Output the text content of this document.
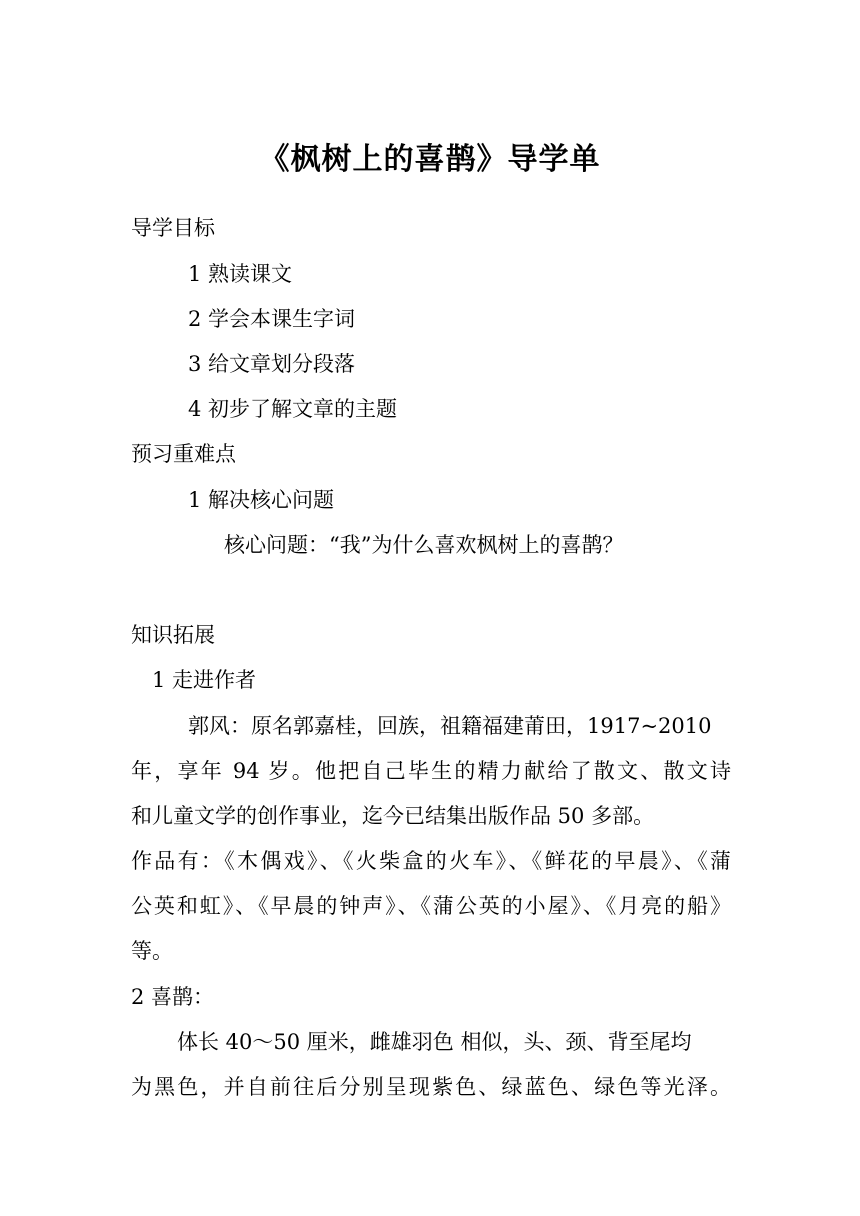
《枫树上的喜鹊》导学单
导学目标
1 熟读课文
2 学会本课生字词
3 给文章划分段落
4 初步了解文章的主题
预习重难点
1 解决核心问题
核心问题：“我”为什么喜欢枫树上的喜鹊？
知识拓展
1 走进作者
郭风：原名郭嘉桂，回族，祖籍福建莆田，1917~2010
年，享年 94 岁。他把自己毕生的精力献给了散文、散文诗
和儿童文学的创作事业，迄今已结集出版作品 50 多部。
作品有：《木偶戏》、《火柴盒的火车》、《鲜花的早晨》、《蒲
公英和虹》、《早晨的钟声》、《蒲公英的小屋》、《月亮的船》
等。
2 喜鹊：
体长 40～50 厘米，雌雄羽色 相似，头、颈、背至尾均
为黑色，并自前往后分别呈现紫色、绿蓝色、绿色等光泽。
